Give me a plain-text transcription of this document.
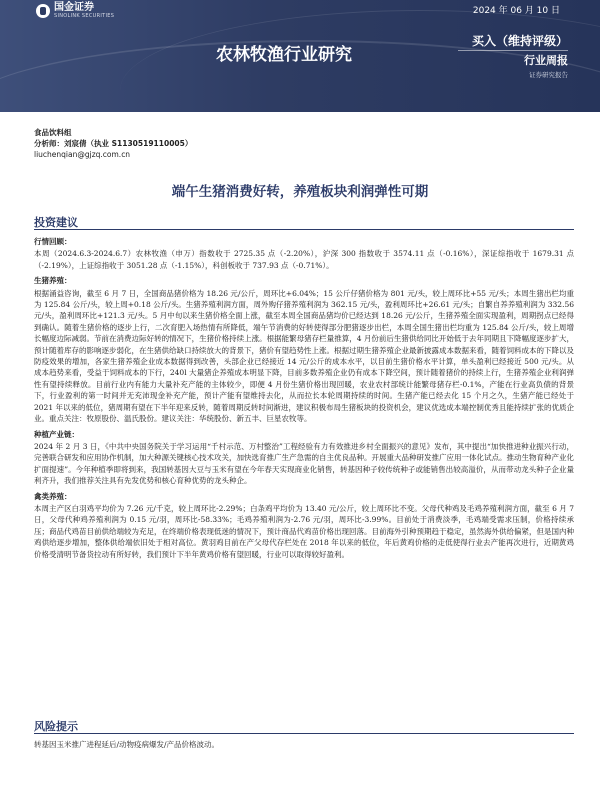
国金证券
SINOLINK SECURITIES	2024 年 06 月 10 日
农林牧渔行业研究
买入（维持评级）
行业周报
证券研究报告
食品饮料组
分析师：刘宸倩（执业 S1130519110005）
liuchenqian@gjzq.com.cn
端午生猪消费好转，养殖板块利润弹性可期
投资建议
行情回顾：

本周（2024.6.3-2024.6.7）农林牧渔（申万）指数收于 2725.35 点（-2.20%），沪深 300 指数收于 3574.11 点（-0.16%），深证综指收于 1679.31 点（-2.19%），上证综指收于 3051.28 点（-1.15%），科创板收于 737.93 点（-0.71%）。

生猪养殖：

根据涌益咨询，截至 6 月 7 日，全国商品猪价格为 18.26 元/公斤，周环比+6.04%；15 公斤仔猪价格为 801 元/头，较上周环比+55 元/头；本周生猪出栏均重为 125.84 公斤/头，较上周+0.18 公斤/头。生猪养殖利润方面，周外购仔猪养殖利润为 362.15 元/头，盈利周环比+26.61 元/头；自繁自养养殖利润为 332.56 元/头，盈利周环比+121.3 元/头。5 月中旬以来生猪价格全面上涨，截至本周全国商品猪均价已经达到 18.26 元/公斤，生猪养殖全面实现盈利，周期拐点已经得到确认。随着生猪价格的逐步上行，二次育肥入场热情有所降低，端午节消费的好转使得部分肥猪逐步出栏，本周全国生猪出栏均重为 125.84 公斤/头，较上周增长幅度边际减弱。节前在消费边际好转的情况下，生猪价格持续上涨。根据能繁母猪存栏量推算，4 月份前后生猪供给同比开始低于去年同期且下降幅度逐步扩大，预计随着库存的影响逐步弱化，在生猪供给缺口持续放大的背景下，猪价有望趋势性上涨。根据过期生猪养殖企业最新披露成本数据来看，随着饲料成本的下降以及防疫效果的增加，各家生猪养殖企业成本数据得到改善，头部企业已经接近 14 元/公斤的成本水平，以目前生猪价格水平计算，单头盈利已经接近 500 元/头。从成本趋势来看，受益于饲料成本的下行，240l 大量猪企养殖成本明显下降，目前多数养殖企业仍有成本下降空间，预计随着猪价的持续上行，生猪养殖企业利润弹性有望持续释放。目前行业内有能力大量补充产能的主体较少，即便 4 月份生猪价格出现回暖，农业农村部统计能繁母猪存栏-0.1%，产能在行业高负债的背景下，行业盈利的第一时间并无充沛现金补充产能，预计产能有望维持去化，从而拉长本轮周期持续的时间。生猪产能已经去化 15 个月之久，生猪产能已经处于 2021 年以来的低位，猪周期有望在下半年迎来反转，随着周期反转时间渐进，建议积极布局生猪板块的投资机会，建议优选成本端控制优秀且能持续扩张的优质企业。重点关注：牧原股份、温氏股份。建议关注：华统股份、新五丰、巨星农牧等。

种植产业链：

2024 年 2 月 3 日，《中共中央国务院关于学习运用“千村示范、万村整治”工程经验有力有效推进乡村全面振兴的意见》发布，其中提出“加快推进种业振兴行动，完善联合研发和应用协作机制，加大种源关键核心技术攻关，加快选育推广生产急需的自主优良品种。开展重大品种研发推广应用一体化试点。推动生物育种产业化扩面提速”。今年种植季即将到来，我国转基因大豆与玉米有望在今年春天实现商业化销售，转基因种子较传统种子或能销售出较高溢价，从而带动龙头种子企业量利齐升，我们推荐关注具有先发优势和核心育种优势的龙头种企。

禽类养殖：

本周主产区白羽鸡平均价为 7.26 元/千克，较上周环比-2.29%；白条鸡平均价为 13.40 元/公斤，较上周环比不变。父母代种鸡及毛鸡养殖利润方面，截至 6 月 7 日，父母代种鸡养殖利润为 0.15 元/羽，周环比-58.33%；毛鸡养殖利润为-2.76 元/羽，周环比-3.99%。目前处于消费淡季，毛鸡端受需求压制，价格持续承压；商品代鸡苗目前供给端较为充足，在终端价格表现低迷的情况下，预计商品代鸡苗价格出现回落。目前海外引种预期趋于稳定，虽然海外供给偏紧，但是国内种鸡供给逐步增加，整体供给端依旧处于相对高位。黄羽鸡目前在产父母代存栏处在 2018 年以来的低位，年后黄鸡价格的走低使得行业去产能再次进行，近期黄鸡价格受清明节备货拉动有所好转，我们预计下半年黄鸡价格有望回暖，行业可以取得较好盈利。

风险提示

转基因玉米推广进程延后/动物疫病爆发/产品价格波动。
